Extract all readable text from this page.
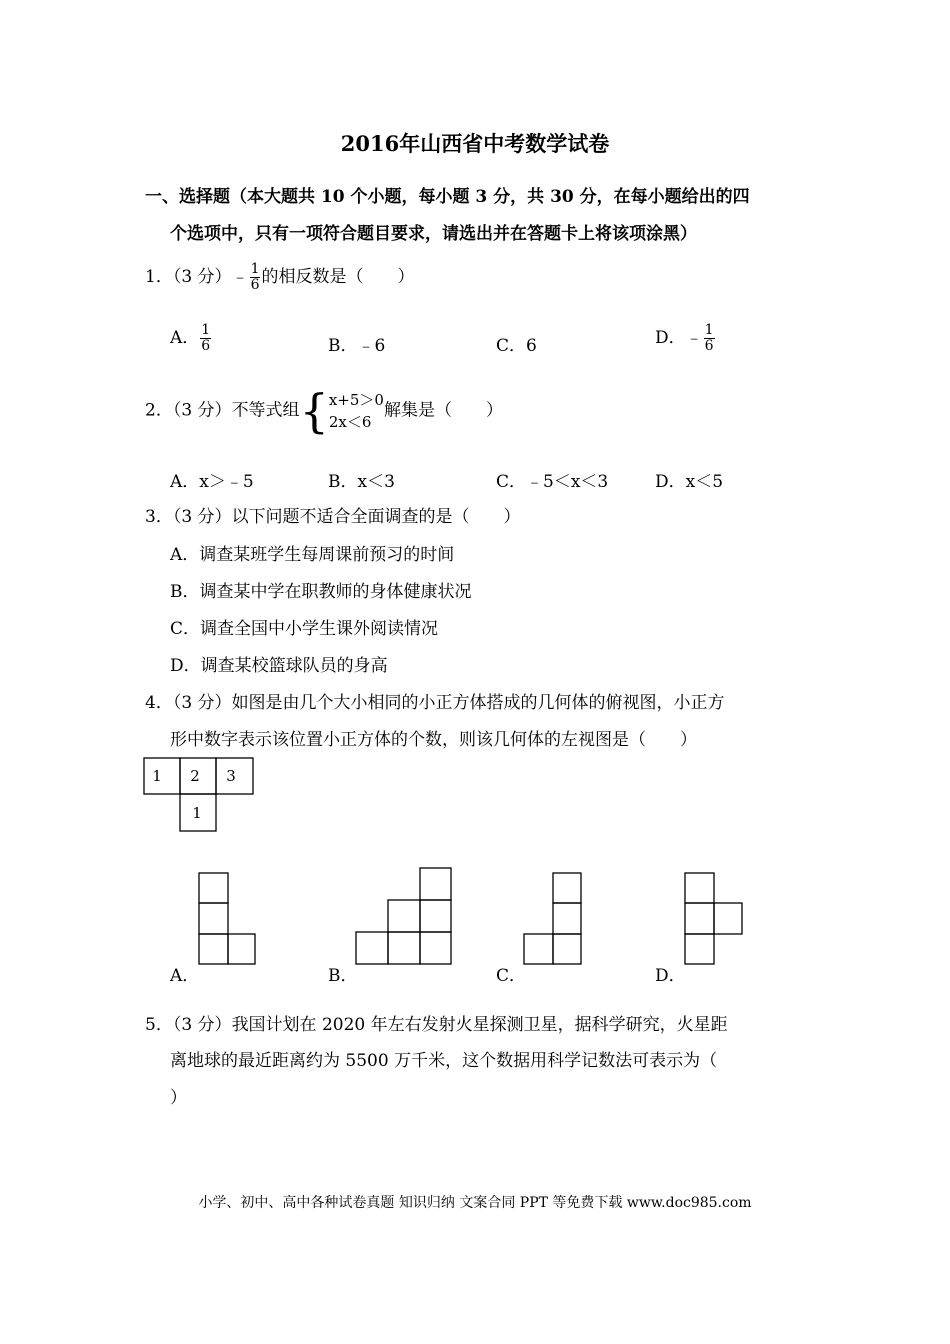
2016年山西省中考数学试卷
一、选择题（本大题共 10 个小题，每小题 3 分，共 30 分，在每小题给出的四
个选项中，只有一项符合题目要求，请选出并在答题卡上将该项涂黑）
1．（3 分）﹣ $\frac{1}{6}$ 的相反数是（　　）
A． $\frac{1}{6}$	B．﹣6	C．6	D．﹣ $\frac{1}{6}$
2．（3 分）不等式组 { x+5＞0
2x＜6
解集是（　　）
A．x＞﹣5	B．x＜3	C．﹣5＜x＜3	D．x＜5
3．（3 分）以下问题不适合全面调查的是（　　）
A．调查某班学生每周课前预习的时间
B．调查某中学在职教师的身体健康状况
C．调查全国中小学生课外阅读情况
D．调查某校篮球队员的身高
4．（3 分）如图是由几个大小相同的小正方体搭成的几何体的俯视图，小正方
形中数字表示该位置小正方体的个数，则该几何体的左视图是（　　）
1 2 3
1
A．	B．	C．	D．
5．（3 分）我国计划在 2020 年左右发射火星探测卫星，据科学研究，火星距
离地球的最近距离约为 5500 万千米，这个数据用科学记数法可表示为（
）
小学、初中、高中各种试卷真题 知识归纳 文案合同 PPT 等免费下载 www.doc985.com
